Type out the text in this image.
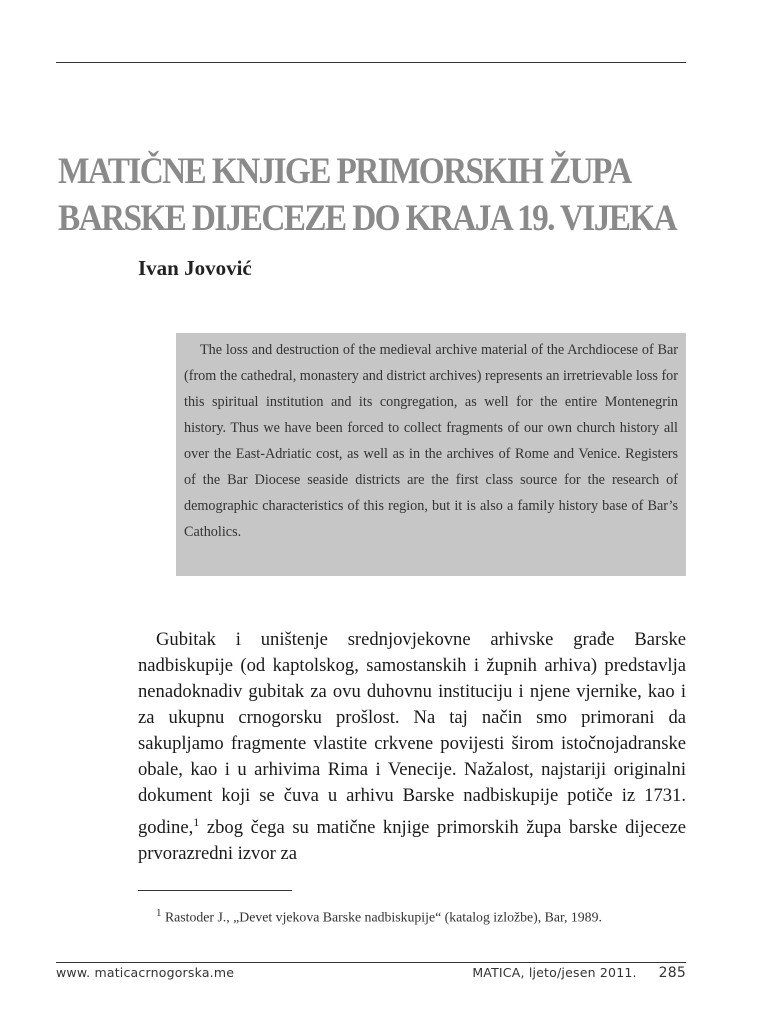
MATIČNE KNJIGE PRIMORSKIH ŽUPA
BARSKE DIJECEZE DO KRAJA 19. VIJEKA
Ivan Jovović

The loss and destruction of the medieval archive material of the Archdiocese of Bar (from the cathedral, monastery and district archives) represents an irretrievable loss for this spiritual institution and its congregation, as well for the entire Montenegrin history. Thus we have been forced to collect fragments of our own church history all over the East-Adriatic cost, as well as in the archives of Rome and Venice. Registers of the Bar Diocese seaside districts are the first class source for the research of demographic characteristics of this region, but it is also a family history base of Bar’s Catholics.

Gubitak i uništenje srednjovjekovne arhivske građe Barske nadbiskupije (od kaptolskog, samostanskih i župnih arhiva) predstavlja nenadoknadiv gubitak za ovu duhovnu instituciju i njene vjernike, kao i za ukupnu crnogorsku prošlost. Na taj način smo primorani da sakupljamo fragmente vlastite crkvene povijesti širom istočnojadranske obale, kao i u arhivima Rima i Venecije. Nažalost, najstariji originalni dokument koji se čuva u arhivu Barske nadbiskupije potiče iz 1731. godine,$^1$ zbog čega su matične knjige primorskih župa barske dijeceze prvorazredni izvor za

$^1$ Rastoder J., „Devet vjekova Barske nadbiskupije“ (katalog izložbe), Bar, 1989.

www. maticacrnogorska.me	MATICA, ljeto/jesen 2011. 285
